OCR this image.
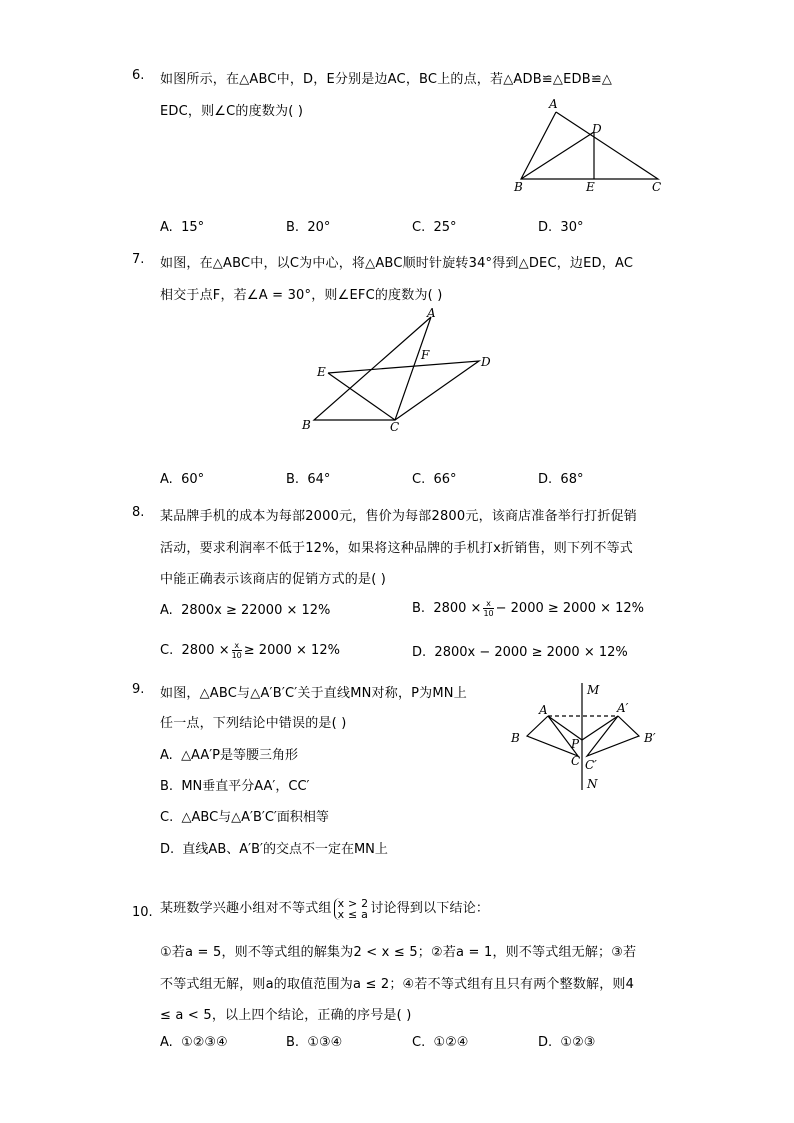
6. 如图所示，在△ABC中，D，E分别是边AC，BC上的点，若△ADB≌△EDB≌△
EDC，则∠C的度数为( )	A
D
B	E	C
A. 15°	B. 20°	C. 25°	D. 30°
7. 如图，在△ABC中，以C为中心，将△ABC顺时针旋转34°得到△DEC，边ED，AC
相交于点F，若∠A = 30°，则∠EFC的度数为( )
A
F	D
E
B	C
A. 60°	B. 64°	C. 66°	D. 68°
8. 某品牌手机的成本为每部2000元，售价为每部2800元，该商店准备举行打折促销
活动，要求利润率不低于12%，如果将这种品牌的手机打x折销售，则下列不等式
中能正确表示该商店的促销方式的是( )
A. 2800x ≥ 22000 × 12%	B. $2800 \times \frac{x}{10} - 2000 \ge 2000 \times 12\%$
C. $2800 \times \frac{x}{10} \ge 2000 \times 12\%$	D. 2800x − 2000 ≥ 2000 × 12%
9. 如图，△ABC与△A′B′C′关于直线MN对称，P为MN上
任一点，下列结论中错误的是( )
M
A	A′
B	B′
P
C C′
N
A. △AA′P是等腰三角形
B. MN垂直平分AA′，CC′
C. △ABC与△A′B′C′面积相等
D. 直线AB、A′B′的交点不一定在MN上
10. 某班数学兴趣小组对不等式组 x > 2
x ≤ a 讨论得到以下结论：
①若a = 5，则不等式组的解集为2 < x ≤ 5；②若a = 1，则不等式组无解；③若
不等式组无解，则a的取值范围为a ≤ 2；④若不等式组有且只有两个整数解，则4
≤ a < 5，以上四个结论，正确的序号是( )
A. ①②③④	B. ①③④	C. ①②④	D. ①②③
